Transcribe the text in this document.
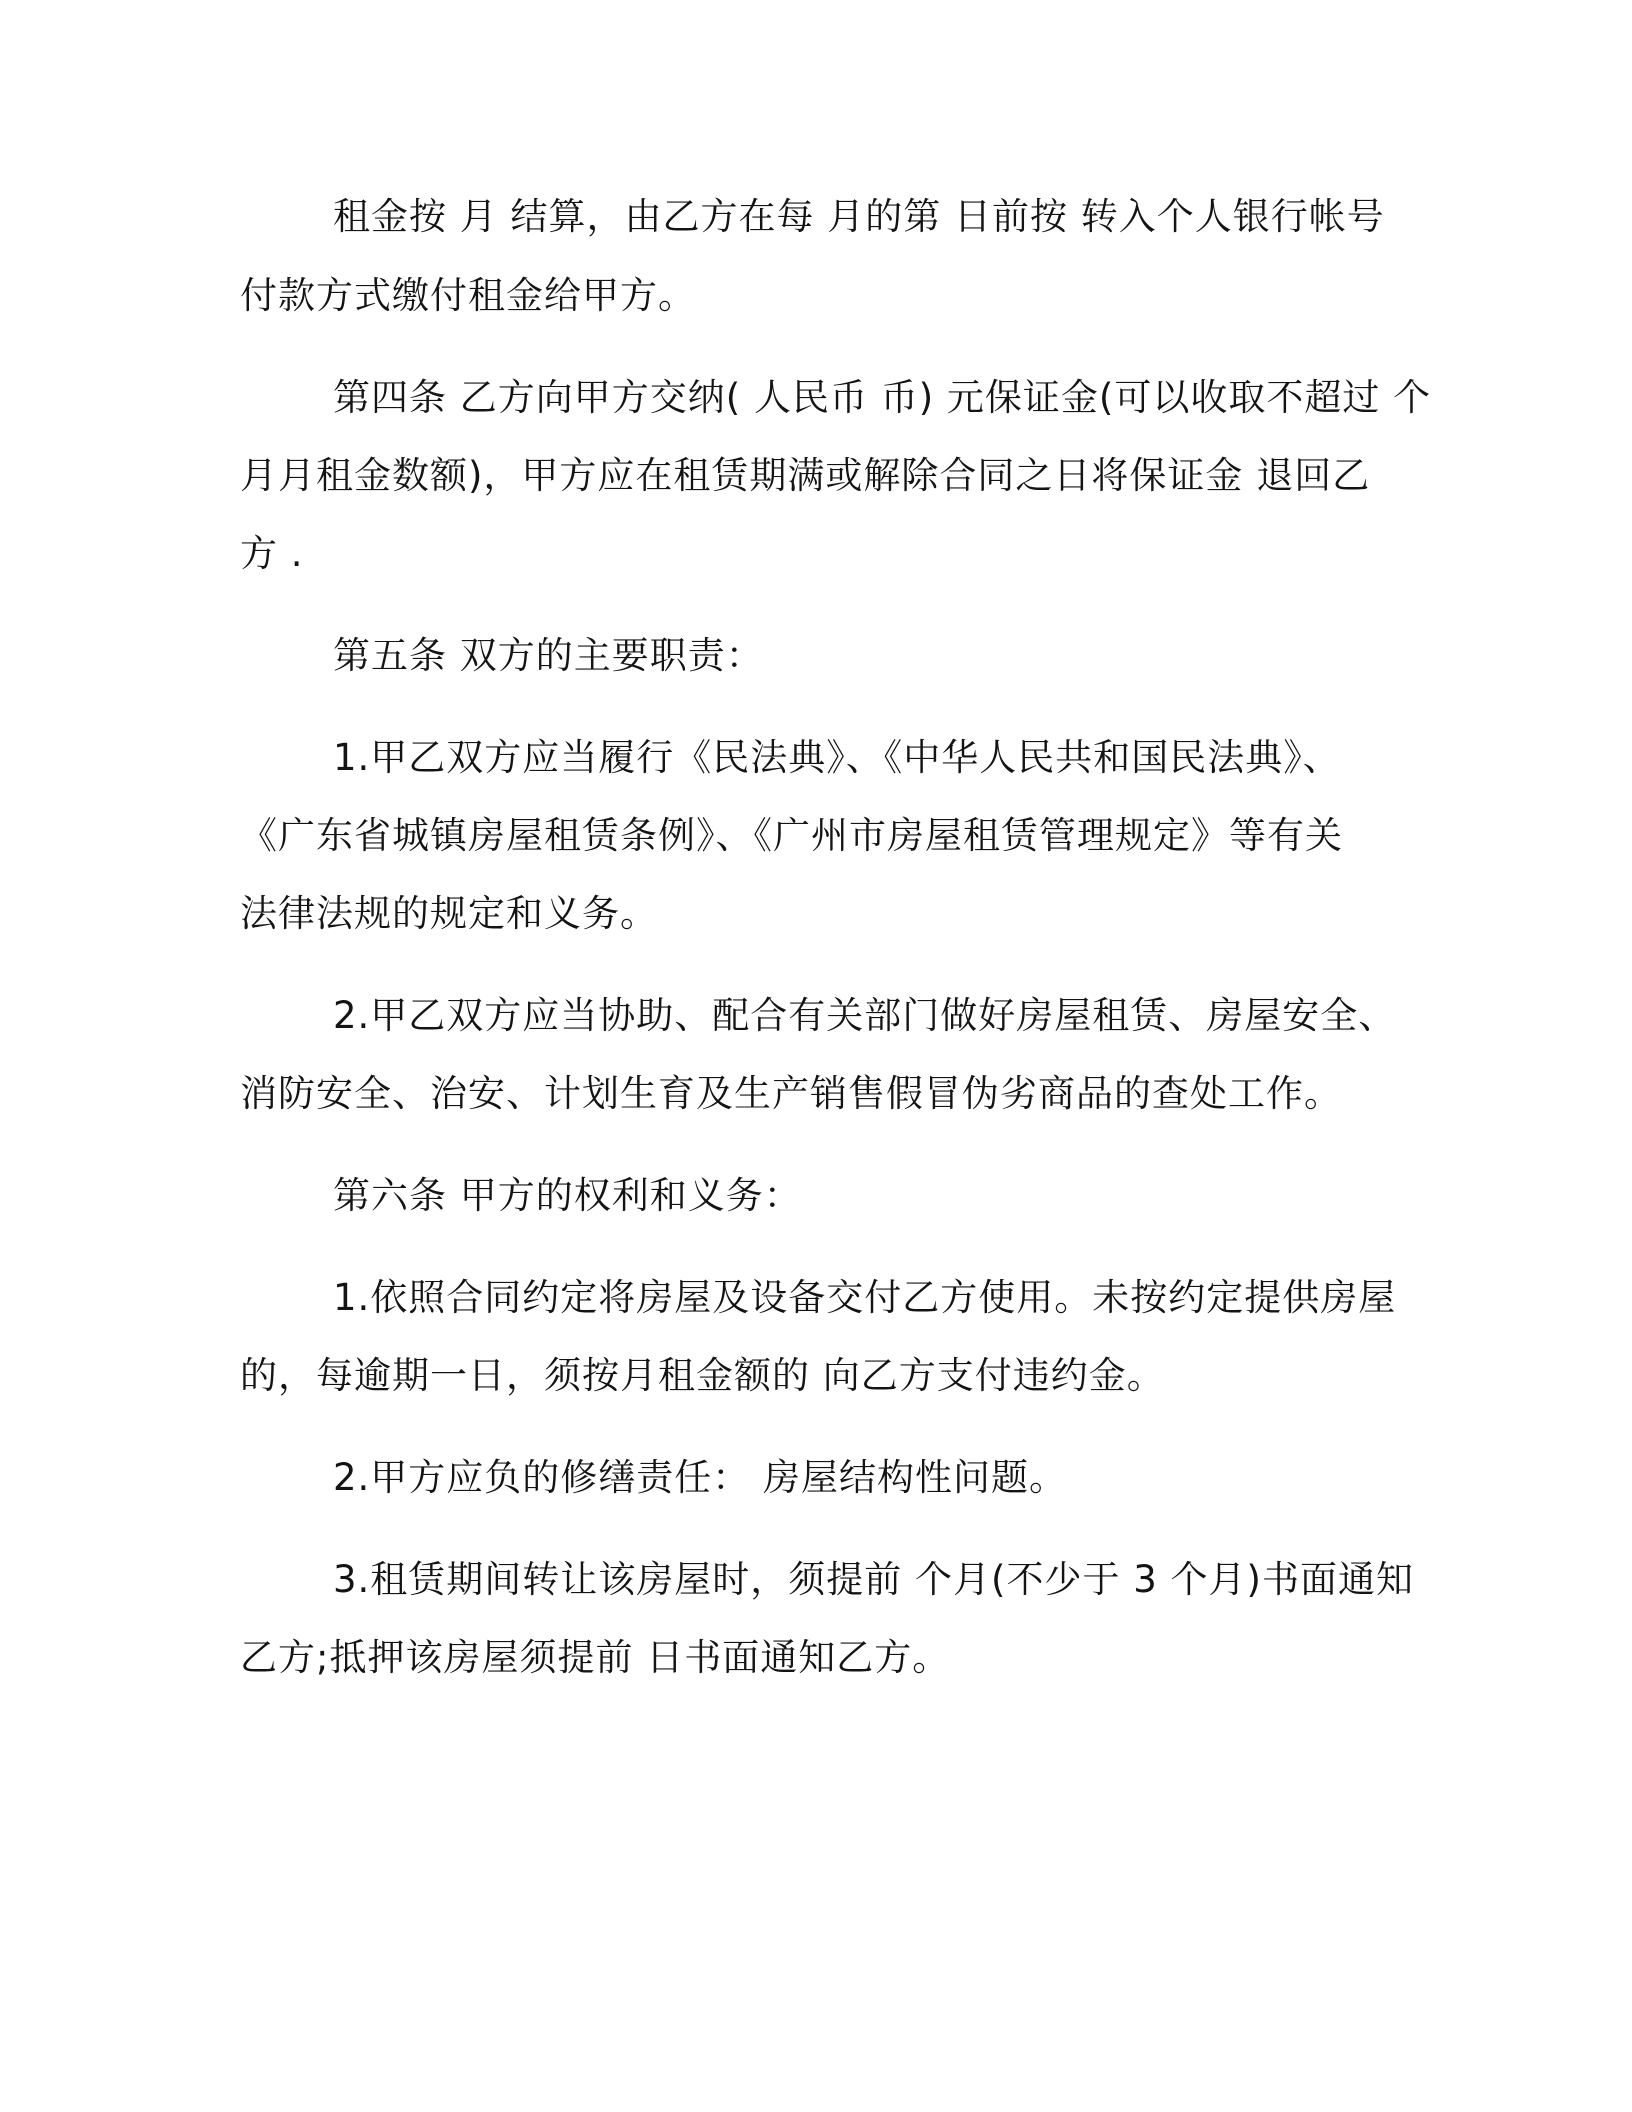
租金按 月 结算，由乙方在每 月的第 日前按 转入个人银行帐号
付款方式缴付租金给甲方。
第四条 乙方向甲方交纳( 人民币 币) 元保证金(可以收取不超过 个
月月租金数额)，甲方应在租赁期满或解除合同之日将保证金 退回乙
方 .
第五条 双方的主要职责：
1.甲乙双方应当履行《民法典》、《中华人民共和国民法典》、
《广东省城镇房屋租赁条例》、《广州市房屋租赁管理规定》等有关
法律法规的规定和义务。
2.甲乙双方应当协助、配合有关部门做好房屋租赁、房屋安全、
消防安全、治安、计划生育及生产销售假冒伪劣商品的查处工作。
第六条 甲方的权利和义务：
1.依照合同约定将房屋及设备交付乙方使用。未按约定提供房屋
的，每逾期一日，须按月租金额的 向乙方支付违约金。
2.甲方应负的修缮责任： 房屋结构性问题。
3.租赁期间转让该房屋时，须提前 个月(不少于 3 个月)书面通知
乙方;抵押该房屋须提前 日书面通知乙方。
